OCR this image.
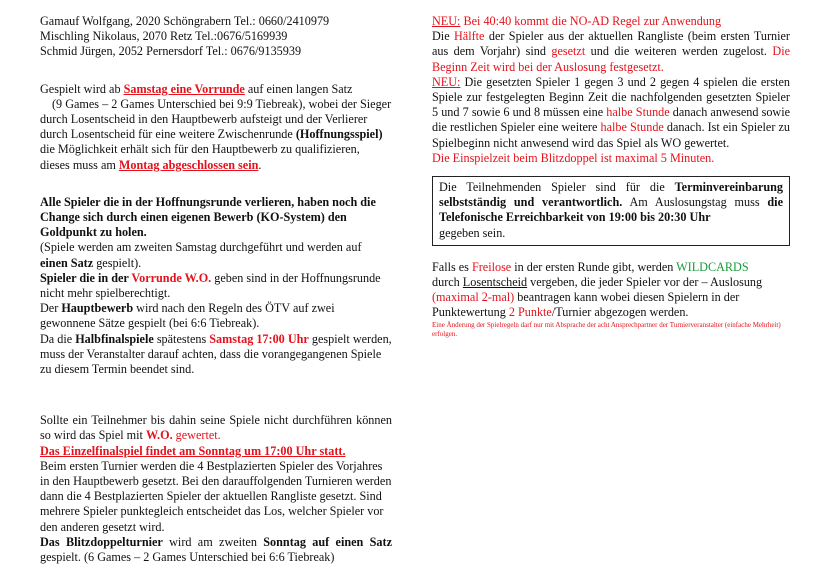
Gamauf Wolfgang, 2020 Schöngrabern Tel.: 0660/2410979

Mischling Nikolaus, 2070 Retz Tel.:0676/5169939

Schmid Jürgen, 2052 Pernersdorf Tel.: 0676/9135939

Gespielt wird ab Samstag eine Vorrunde auf einen langen Satz
(9 Games – 2 Games Unterschied bei 9:9 Tiebreak), wobei der Sieger durch Losentscheid in den Hauptbewerb aufsteigt und der Verlierer durch Losentscheid für eine weitere Zwischenrunde (Hoffnungsspiel) die Möglichkeit erhält sich für den Hauptbewerb zu qualifizieren, dieses muss am Montag abgeschlossen sein.

Alle Spieler die in der Hoffnungsrunde verlieren, haben noch die Change sich durch einen eigenen Bewerb (KO-System) den Goldpunkt zu holen.
(Spiele werden am zweiten Samstag durchgeführt und werden auf einen Satz gespielt).
Spieler die in der Vorrunde W.O. geben sind in der Hoffnungsrunde nicht mehr spielberechtigt.
Der Hauptbewerb wird nach den Regeln des ÖTV auf zwei gewonnene Sätze gespielt (bei 6:6 Tiebreak).
Da die Halbfinalspiele spätestens Samstag 17:00 Uhr gespielt werden, muss der Veranstalter darauf achten, dass die vorangegangenen Spiele zu diesem Termin beendet sind.

Sollte ein Teilnehmer bis dahin seine Spiele nicht durchführen können so wird das Spiel mit W.O. gewertet.

Das Einzelfinalspiel findet am Sonntag um 17:00 Uhr statt.

Beim ersten Turnier werden die 4 Bestplazierten Spieler des Vorjahres in den Hauptbewerb gesetzt. Bei den darauffolgenden Turnieren werden dann die 4 Bestplazierten Spieler der aktuellen Rangliste gesetzt. Sind mehrere Spieler punktegleich entscheidet das Los, welcher Spieler vor den anderen gesetzt wird.

Das Blitzdoppelturnier wird am zweiten Sonntag auf einen Satz gespielt. (6 Games – 2 Games Unterschied bei 6:6 Tiebreak)

NEU: Bei 40:40 kommt die NO-AD Regel zur Anwendung

Die Hälfte der Spieler aus der aktuellen Rangliste (beim ersten Turnier aus dem Vorjahr) sind gesetzt und die weiteren werden zugelost. Die Beginn Zeit wird bei der Auslosung festgesetzt.

NEU: Die gesetzten Spieler 1 gegen 3 und 2 gegen 4 spielen die ersten Spiele zur festgelegten Beginn Zeit die nachfolgenden gesetzten Spieler 5 und 7 sowie 6 und 8 müssen eine halbe Stunde danach anwesend sowie die restlichen Spieler eine weitere halbe Stunde danach. Ist ein Spieler zu Spielbeginn nicht anwesend wird das Spiel als WO gewertet.

Die Einspielzeit beim Blitzdoppel ist maximal 5 Minuten.

Die Teilnehmenden Spieler sind für die Terminvereinbarung selbstständig und verantwortlich. Am Auslosungstag muss die Telefonische Erreichbarkeit von 19:00 bis 20:30 Uhr
gegeben sein.

Falls es Freilose in der ersten Runde gibt, werden WILDCARDS
durch Losentscheid vergeben, die jeder Spieler vor der – Auslosung
(maximal 2-mal) beantragen kann wobei diesen Spielern in der Punktewertung 2 Punkte/Turnier abgezogen werden.

Eine Änderung der Spielregeln darf nur mit Absprache der acht Ansprechpartner der Turnierveranstalter (einfache Mehrheit) erfolgen.
